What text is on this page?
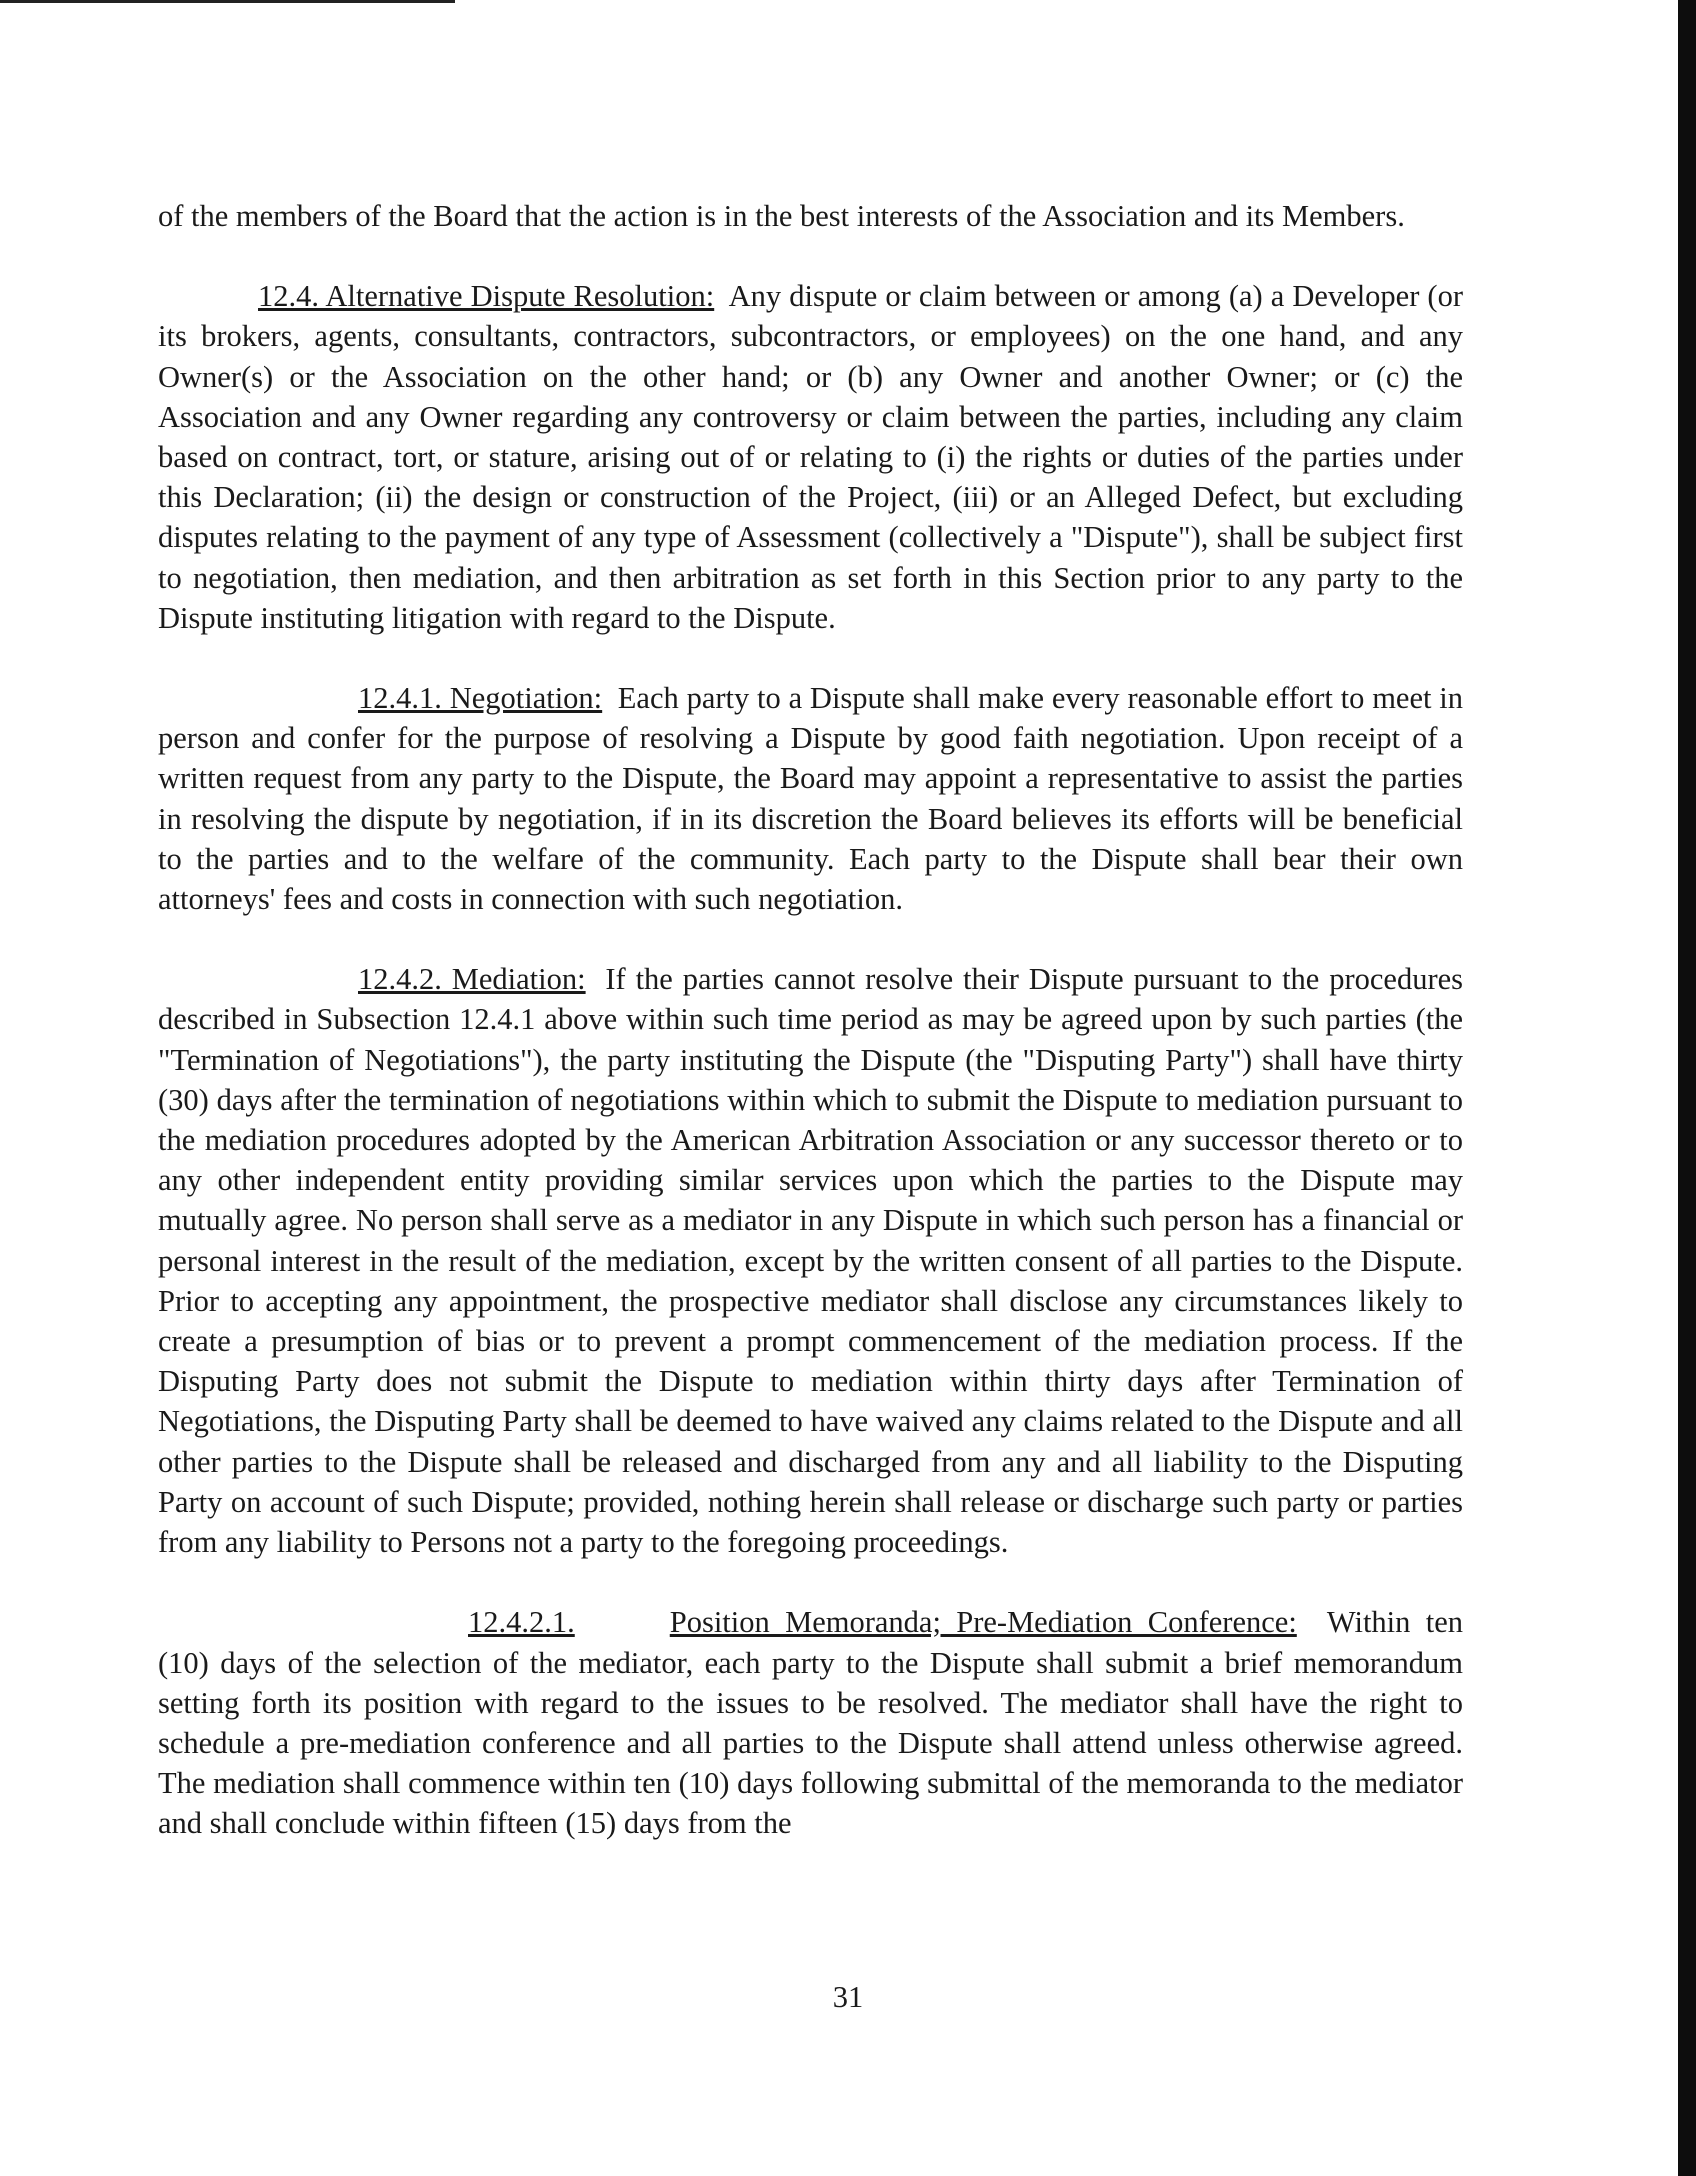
of the members of the Board that the action is in the best interests of the Association and its Members.

12.4. Alternative Dispute Resolution: Any dispute or claim between or among (a) a Developer (or its brokers, agents, consultants, contractors, subcontractors, or employees) on the one hand, and any Owner(s) or the Association on the other hand; or (b) any Owner and another Owner; or (c) the Association and any Owner regarding any controversy or claim between the parties, including any claim based on contract, tort, or stature, arising out of or relating to (i) the rights or duties of the parties under this Declaration; (ii) the design or construction of the Project, (iii) or an Alleged Defect, but excluding disputes relating to the payment of any type of Assessment (collectively a "Dispute"), shall be subject first to negotiation, then mediation, and then arbitration as set forth in this Section prior to any party to the Dispute instituting litigation with regard to the Dispute.

12.4.1. Negotiation: Each party to a Dispute shall make every reasonable effort to meet in person and confer for the purpose of resolving a Dispute by good faith negotiation. Upon receipt of a written request from any party to the Dispute, the Board may appoint a representative to assist the parties in resolving the dispute by negotiation, if in its discretion the Board believes its efforts will be beneficial to the parties and to the welfare of the community. Each party to the Dispute shall bear their own attorneys' fees and costs in connection with such negotiation.

12.4.2. Mediation: If the parties cannot resolve their Dispute pursuant to the procedures described in Subsection 12.4.1 above within such time period as may be agreed upon by such parties (the "Termination of Negotiations"), the party instituting the Dispute (the "Disputing Party") shall have thirty (30) days after the termination of negotiations within which to submit the Dispute to mediation pursuant to the mediation procedures adopted by the American Arbitration Association or any successor thereto or to any other independent entity providing similar services upon which the parties to the Dispute may mutually agree. No person shall serve as a mediator in any Dispute in which such person has a financial or personal interest in the result of the mediation, except by the written consent of all parties to the Dispute. Prior to accepting any appointment, the prospective mediator shall disclose any circumstances likely to create a presumption of bias or to prevent a prompt commencement of the mediation process. If the Disputing Party does not submit the Dispute to mediation within thirty days after Termination of Negotiations, the Disputing Party shall be deemed to have waived any claims related to the Dispute and all other parties to the Dispute shall be released and discharged from any and all liability to the Disputing Party on account of such Dispute; provided, nothing herein shall release or discharge such party or parties from any liability to Persons not a party to the foregoing proceedings.

12.4.2.1.	Position Memoranda; Pre-Mediation Conference: Within ten (10) days of the selection of the mediator, each party to the Dispute shall submit a brief memorandum setting forth its position with regard to the issues to be resolved. The mediator shall have the right to schedule a pre-mediation conference and all parties to the Dispute shall attend unless otherwise agreed. The mediation shall commence within ten (10) days following submittal of the memoranda to the mediator and shall conclude within fifteen (15) days from the

31
